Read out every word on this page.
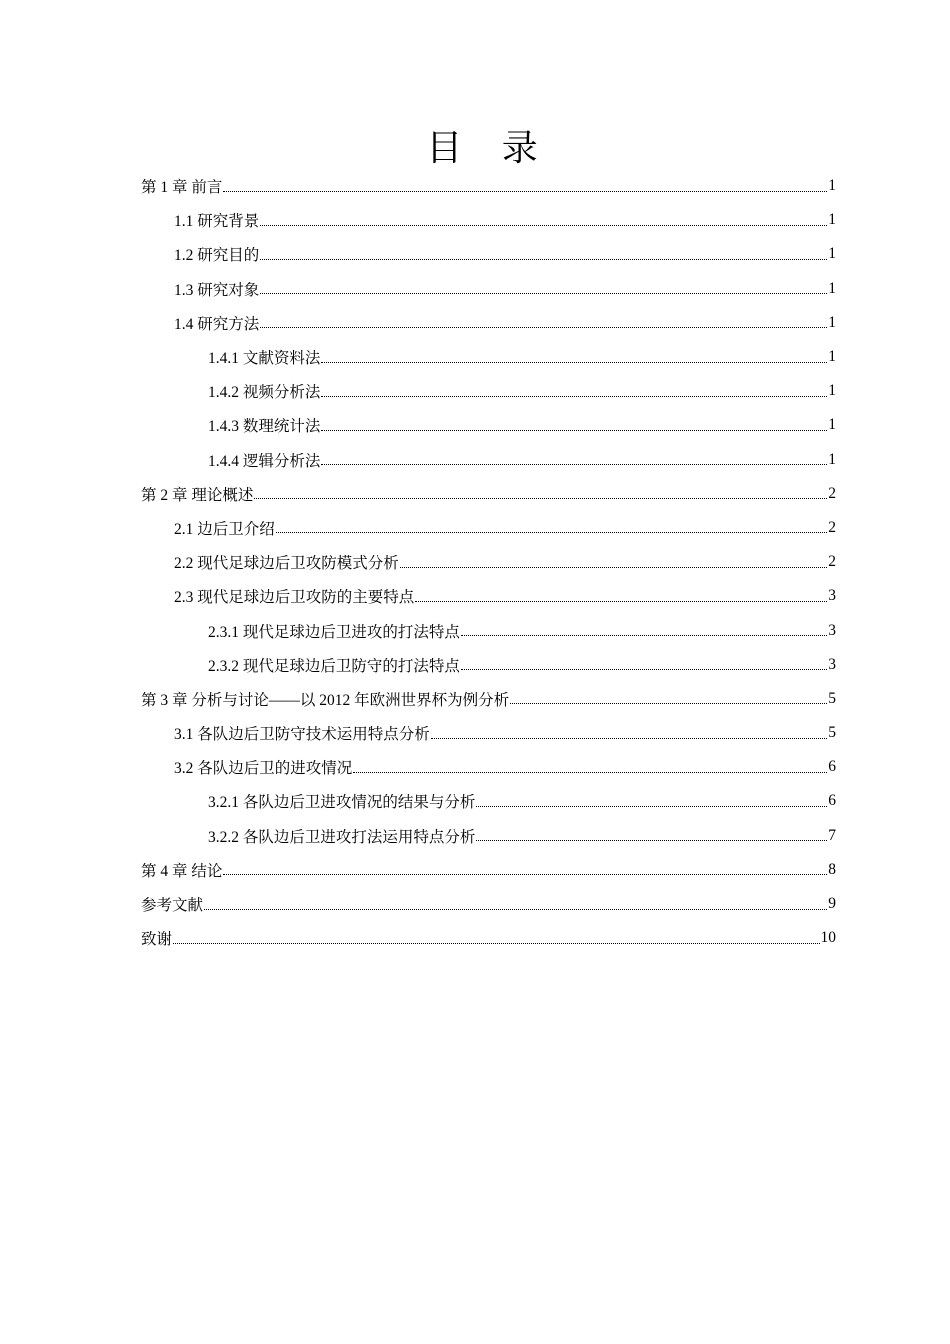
目 录
第 1 章 前言	1
1.1 研究背景	1
1.2 研究目的	1
1.3 研究对象	1
1.4 研究方法	1
1.4.1 文献资料法	1
1.4.2 视频分析法	1
1.4.3 数理统计法	1
1.4.4 逻辑分析法	1
第 2 章 理论概述	2
2.1 边后卫介绍	2
2.2 现代足球边后卫攻防模式分析	2
2.3 现代足球边后卫攻防的主要特点	3
2.3.1 现代足球边后卫进攻的打法特点	3
2.3.2 现代足球边后卫防守的打法特点	3
第 3 章 分析与讨论——以 2012 年欧洲世界杯为例分析	5
3.1 各队边后卫防守技术运用特点分析	5
3.2 各队边后卫的进攻情况	6
3.2.1 各队边后卫进攻情况的结果与分析	6
3.2.2 各队边后卫进攻打法运用特点分析	7
第 4 章 结论	8
参考文献	9
致谢	10
